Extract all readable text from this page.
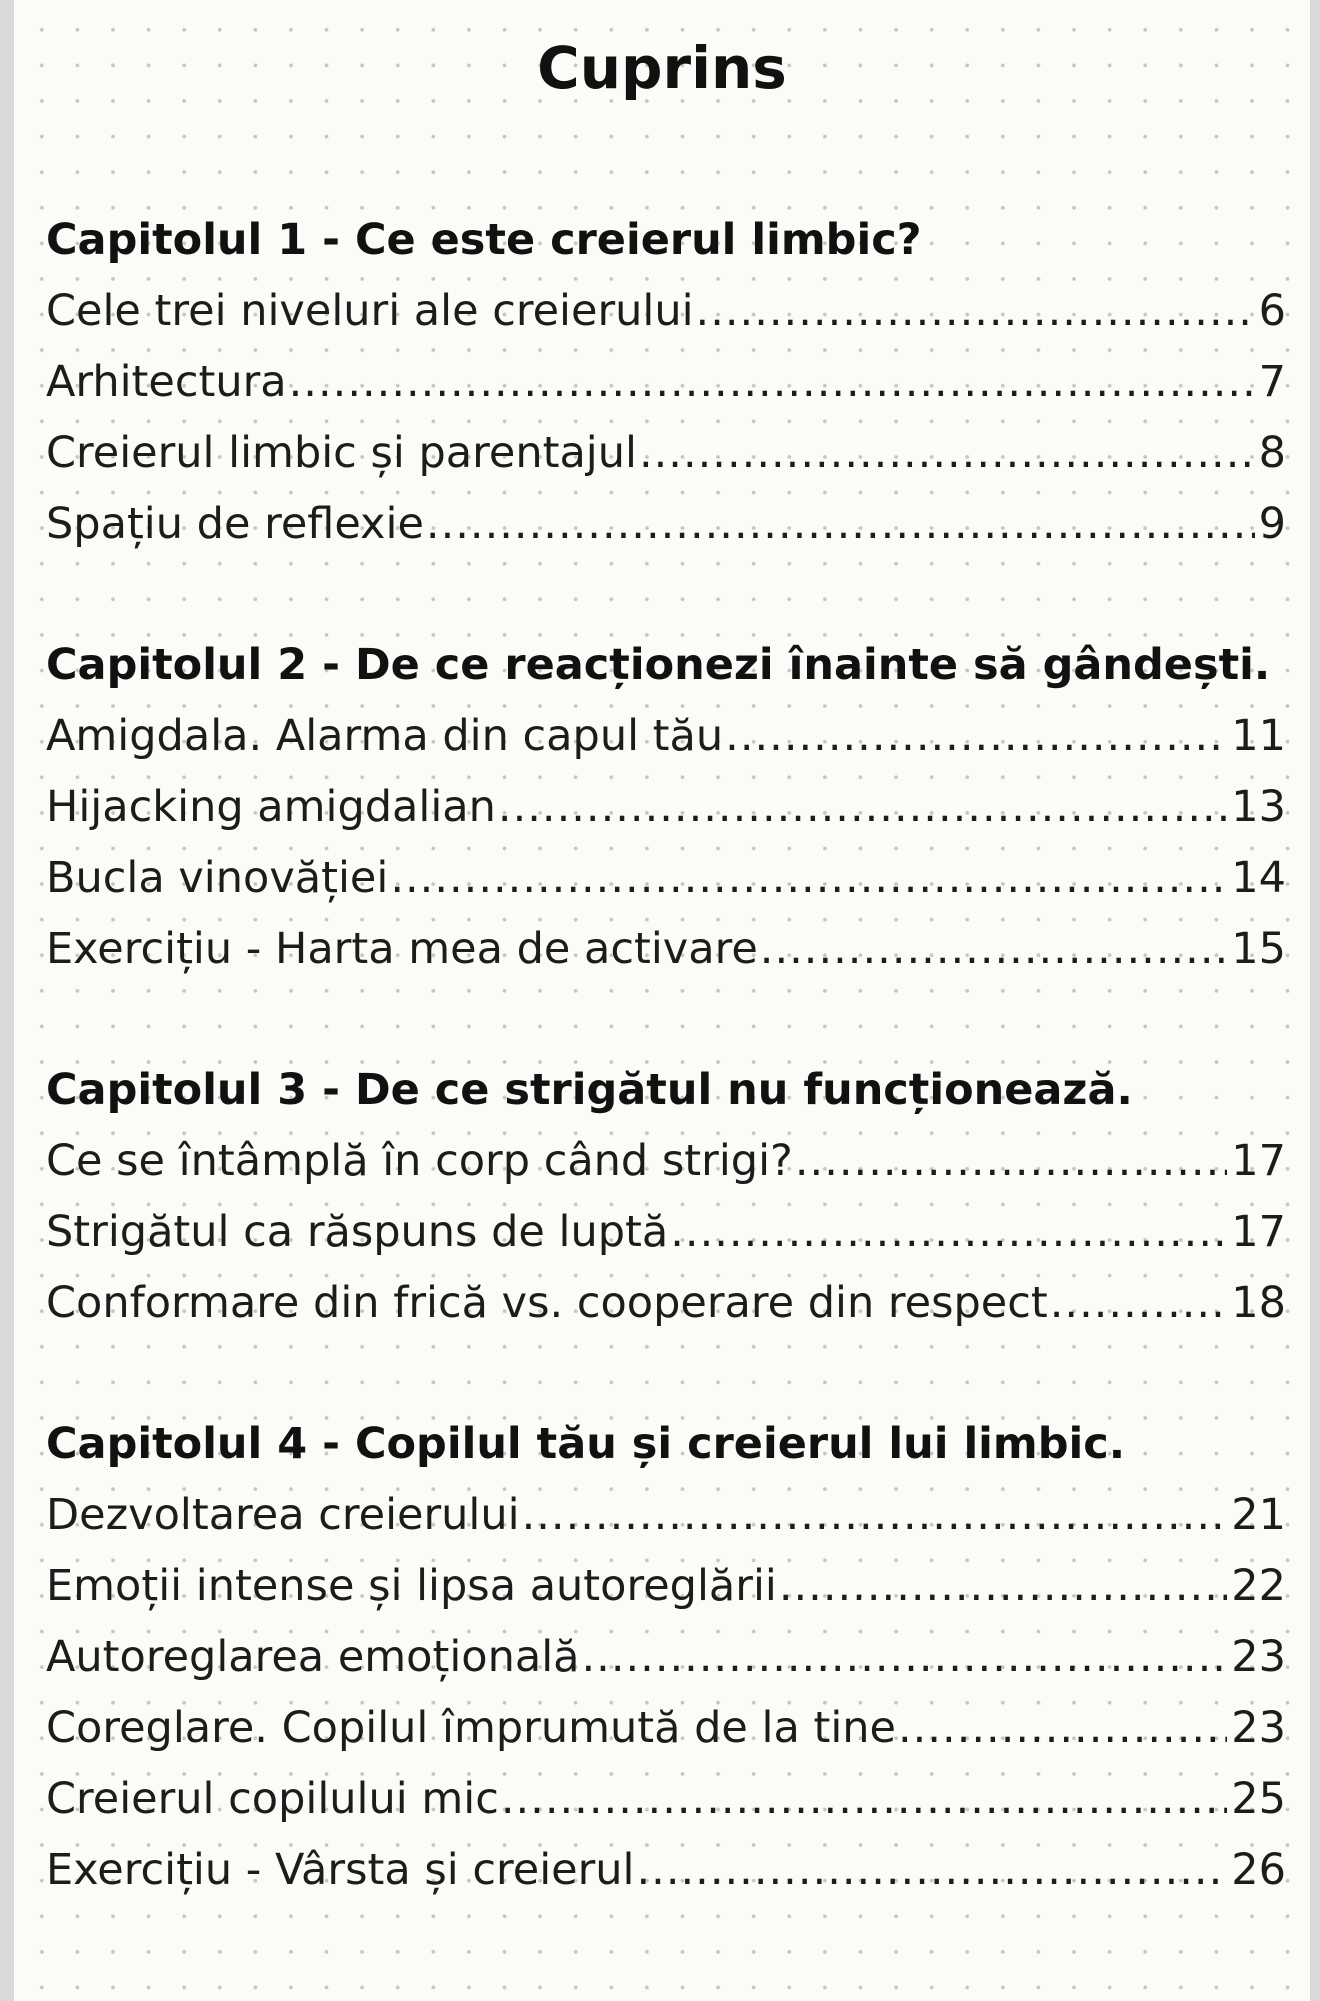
Cuprins
Capitolul 1 - Ce este creierul limbic?
Cele trei niveluri ale creierului .....	6
Arhitectura .....	7
Creierul limbic și parentajul .....	8
Spațiu de reflexie .....	9
Capitolul 2 - De ce reacționezi înainte să gândești.
Amigdala. Alarma din capul tău .....	11
Hijacking amigdalian .....	13
Bucla vinovăției .....	14
Exercițiu - Harta mea de activare .....	15
Capitolul 3 - De ce strigătul nu funcționează.
Ce se întâmplă în corp când strigi? .....	17
Strigătul ca răspuns de luptă .....	17
Conformare din frică vs. cooperare din respect .....	18
Capitolul 4 - Copilul tău și creierul lui limbic.
Dezvoltarea creierului .....	21
Emoții intense și lipsa autoreglării .....	22
Autoreglarea emoțională .....	23
Coreglare. Copilul împrumută de la tine .....	23
Creierul copilului mic .....	25
Exercițiu - Vârsta și creierul .....	26
